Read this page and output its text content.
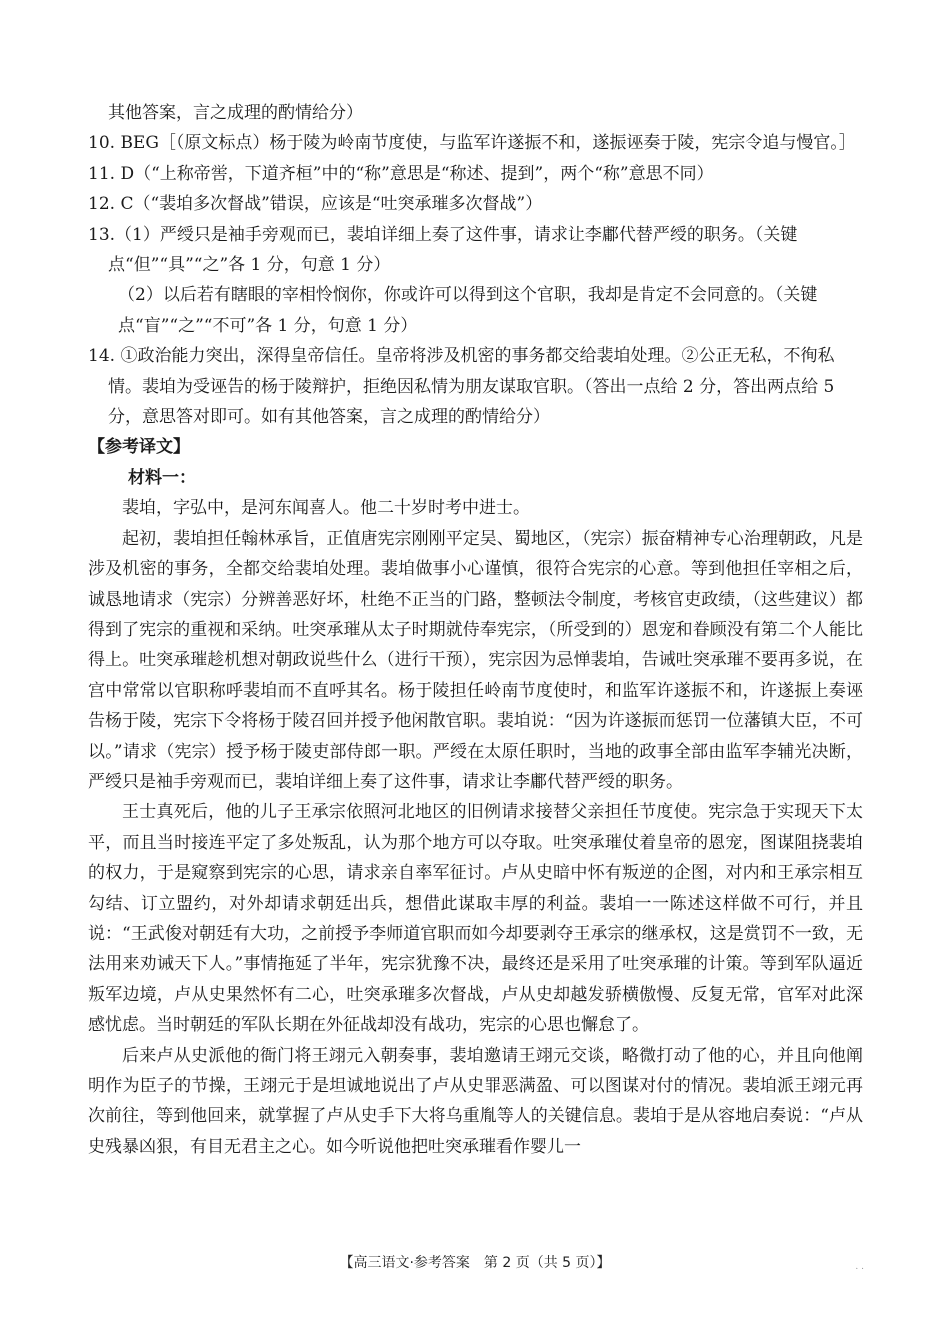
其他答案，言之成理的酌情给分）

10. BEG［（原文标点）杨于陵为岭南节度使，与监军许遂振不和，遂振诬奏于陵，宪宗令追与慢官。］

11. D（“上称帝喾，下道齐桓”中的“称”意思是“称述、提到”，两个“称”意思不同）

12. C（“裴垍多次督战”错误，应该是“吐突承璀多次督战”）

13.（1）严绶只是袖手旁观而已，裴垍详细上奏了这件事，请求让李鄘代替严绶的职务。（关键点“但”“具”“之”各 1 分，句意 1 分）

（2）以后若有瞎眼的宰相怜悯你，你或许可以得到这个官职，我却是肯定不会同意的。（关键点“盲”“之”“不可”各 1 分，句意 1 分）

14. ①政治能力突出，深得皇帝信任。皇帝将涉及机密的事务都交给裴垍处理。②公正无私，不徇私情。裴垍为受诬告的杨于陵辩护，拒绝因私情为朋友谋取官职。（答出一点给 2 分，答出两点给 5 分，意思答对即可。如有其他答案，言之成理的酌情给分）

【参考译文】

材料一：

裴垍，字弘中，是河东闻喜人。他二十岁时考中进士。

起初，裴垍担任翰林承旨，正值唐宪宗刚刚平定吴、蜀地区，（宪宗）振奋精神专心治理朝政，凡是涉及机密的事务，全都交给裴垍处理。裴垍做事小心谨慎，很符合宪宗的心意。等到他担任宰相之后，诚恳地请求（宪宗）分辨善恶好坏，杜绝不正当的门路，整顿法令制度，考核官吏政绩，（这些建议）都得到了宪宗的重视和采纳。吐突承璀从太子时期就侍奉宪宗，（所受到的）恩宠和眷顾没有第二个人能比得上。吐突承璀趁机想对朝政说些什么（进行干预），宪宗因为忌惮裴垍，告诫吐突承璀不要再多说，在宫中常常以官职称呼裴垍而不直呼其名。杨于陵担任岭南节度使时，和监军许遂振不和，许遂振上奏诬告杨于陵，宪宗下令将杨于陵召回并授予他闲散官职。裴垍说：“因为许遂振而惩罚一位藩镇大臣，不可以。”请求（宪宗）授予杨于陵吏部侍郎一职。严绶在太原任职时，当地的政事全部由监军李辅光决断，严绶只是袖手旁观而已，裴垍详细上奏了这件事，请求让李鄘代替严绶的职务。

王士真死后，他的儿子王承宗依照河北地区的旧例请求接替父亲担任节度使。宪宗急于实现天下太平，而且当时接连平定了多处叛乱，认为那个地方可以夺取。吐突承璀仗着皇帝的恩宠，图谋阻挠裴垍的权力，于是窥察到宪宗的心思，请求亲自率军征讨。卢从史暗中怀有叛逆的企图，对内和王承宗相互勾结、订立盟约，对外却请求朝廷出兵，想借此谋取丰厚的利益。裴垍一一陈述这样做不可行，并且说：“王武俊对朝廷有大功，之前授予李师道官职而如今却要剥夺王承宗的继承权，这是赏罚不一致，无法用来劝诫天下人。”事情拖延了半年，宪宗犹豫不决，最终还是采用了吐突承璀的计策。等到军队逼近叛军边境，卢从史果然怀有二心，吐突承璀多次督战，卢从史却越发骄横傲慢、反复无常，官军对此深感忧虑。当时朝廷的军队长期在外征战却没有战功，宪宗的心思也懈怠了。

后来卢从史派他的衙门将王翊元入朝奏事，裴垍邀请王翊元交谈，略微打动了他的心，并且向他阐明作为臣子的节操，王翊元于是坦诚地说出了卢从史罪恶满盈、可以图谋对付的情况。裴垍派王翊元再次前往，等到他回来，就掌握了卢从史手下大将乌重胤等人的关键信息。裴垍于是从容地启奏说：“卢从史残暴凶狠，有目无君主之心。如今听说他把吐突承璀看作婴儿一

【高三语文·参考答案　第 2 页（共 5 页）】	. .
